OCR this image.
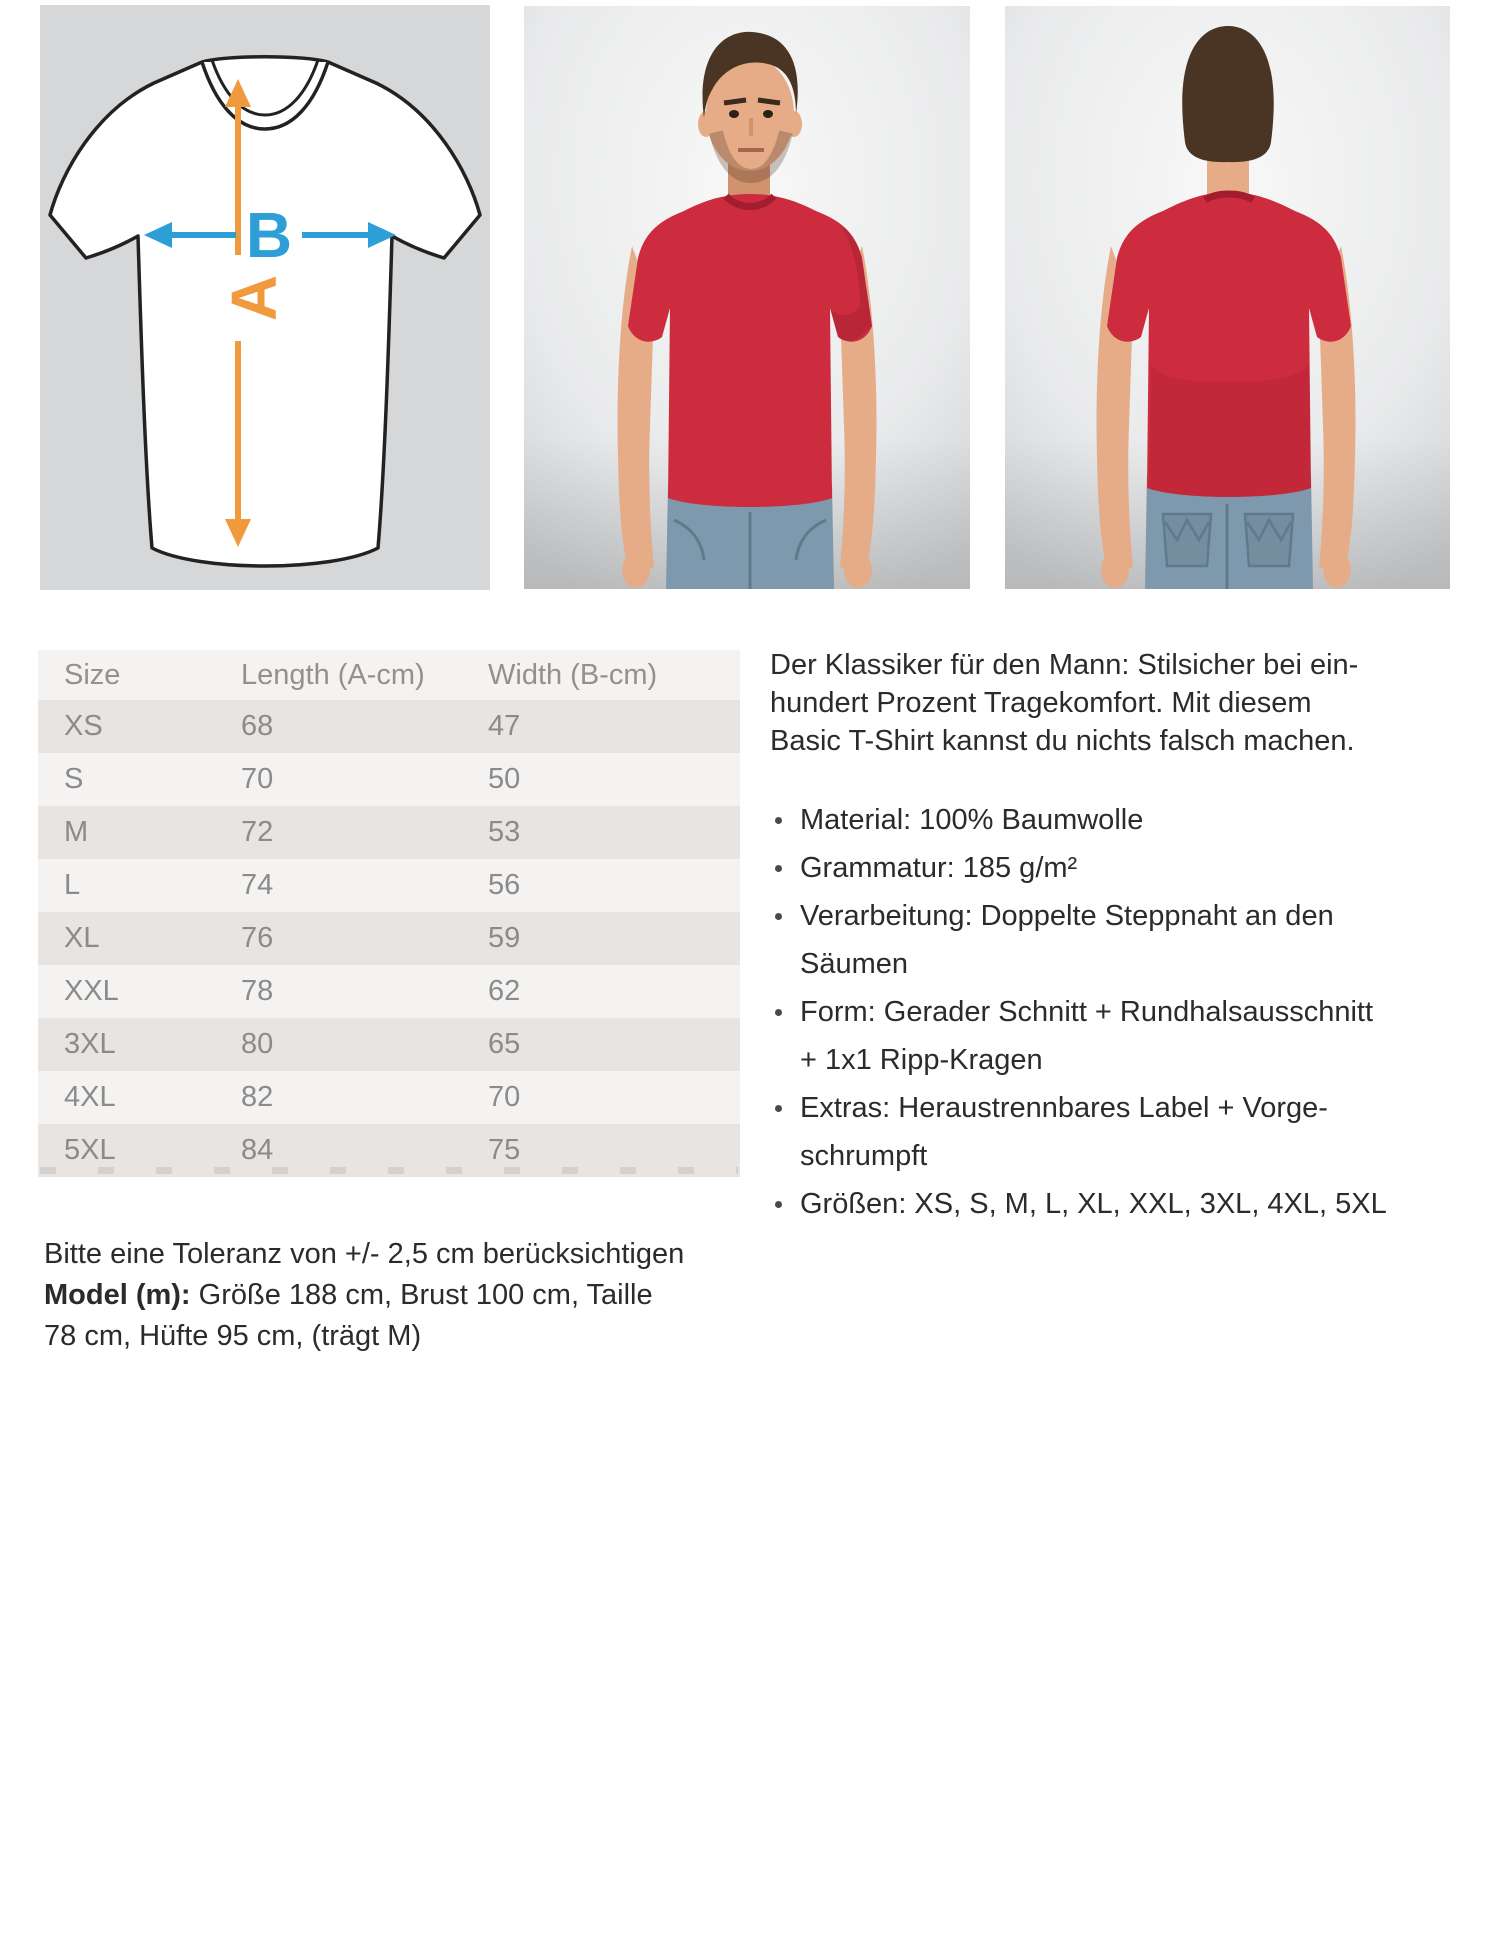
A
B
Size	Length (A-cm)	Width (B-cm)
XS	68	47
S	70	50
M	72	53
L	74	56
XL	76	59
XXL	78	62
3XL	80	65
4XL	82	70
5XL	84	75

Der Klassiker für den Mann: Stilsicher bei ein-
hundert Prozent Tragekomfort. Mit diesem
Basic T-Shirt kannst du nichts falsch machen.

Material: 100% Baumwolle
Grammatur: 185 g/m²
Verarbeitung: Doppelte Steppnaht an den
Säumen
Form: Gerader Schnitt + Rundhalsausschnitt
+ 1x1 Ripp-Kragen
Extras: Heraustrennbares Label + Vorge-
schrumpft
Größen: XS, S, M, L, XL, XXL, 3XL, 4XL, 5XL
Bitte eine Toleranz von +/- 2,5 cm berücksichtigen
Model (m): Größe 188 cm, Brust 100 cm, Taille
78 cm, Hüfte 95 cm, (trägt M)
